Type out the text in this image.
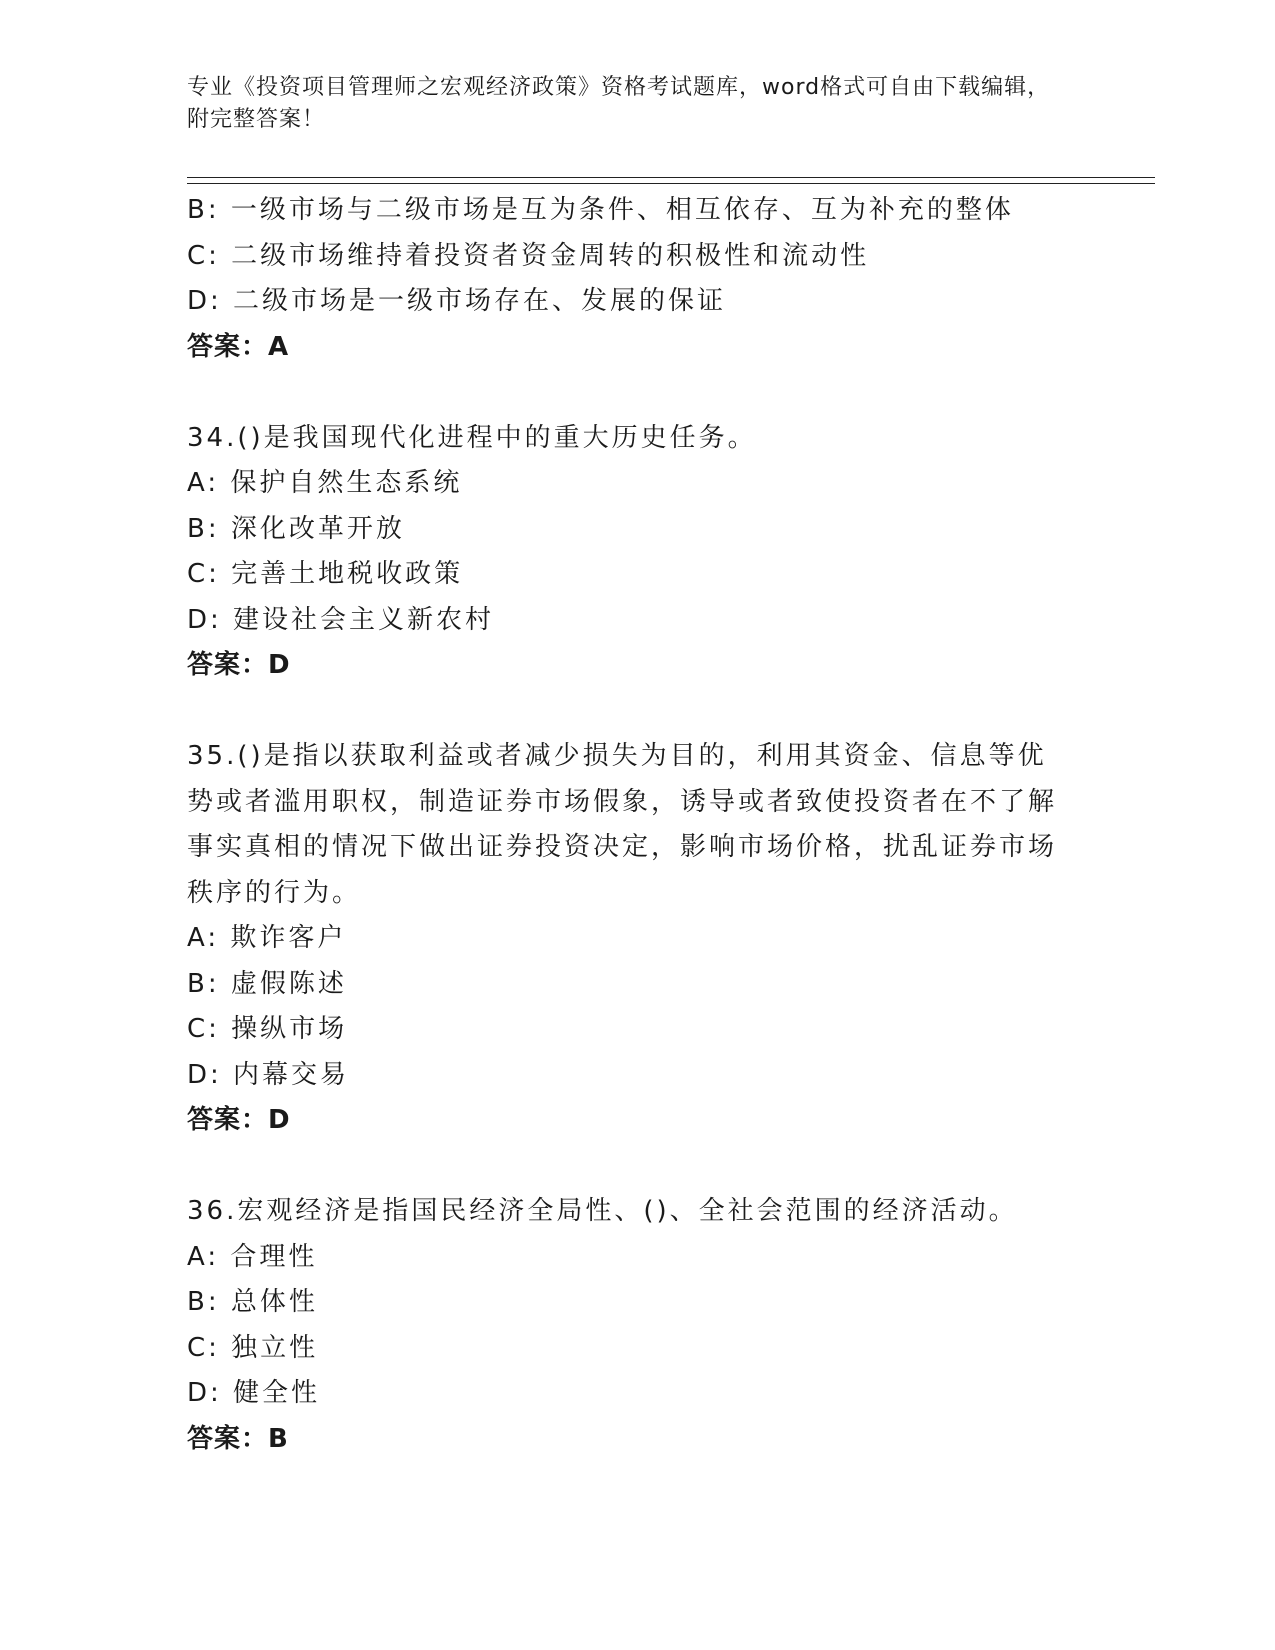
专业《投资项目管理师之宏观经济政策》资格考试题库，word格式可自由下载编辑，附完整答案！
B: 一级市场与二级市场是互为条件、相互依存、互为补充的整体
C: 二级市场维持着投资者资金周转的积极性和流动性
D: 二级市场是一级市场存在、发展的保证
答案：A
34.()是我国现代化进程中的重大历史任务。
A: 保护自然生态系统
B: 深化改革开放
C: 完善土地税收政策
D: 建设社会主义新农村
答案：D
35.()是指以获取利益或者减少损失为目的，利用其资金、信息等优势或者滥用职权，制造证券市场假象，诱导或者致使投资者在不了解事实真相的情况下做出证券投资决定，影响市场价格，扰乱证券市场秩序的行为。
A: 欺诈客户
B: 虚假陈述
C: 操纵市场
D: 内幕交易
答案：D
36.宏观经济是指国民经济全局性、()、全社会范围的经济活动。
A: 合理性
B: 总体性
C: 独立性
D: 健全性
答案：B
